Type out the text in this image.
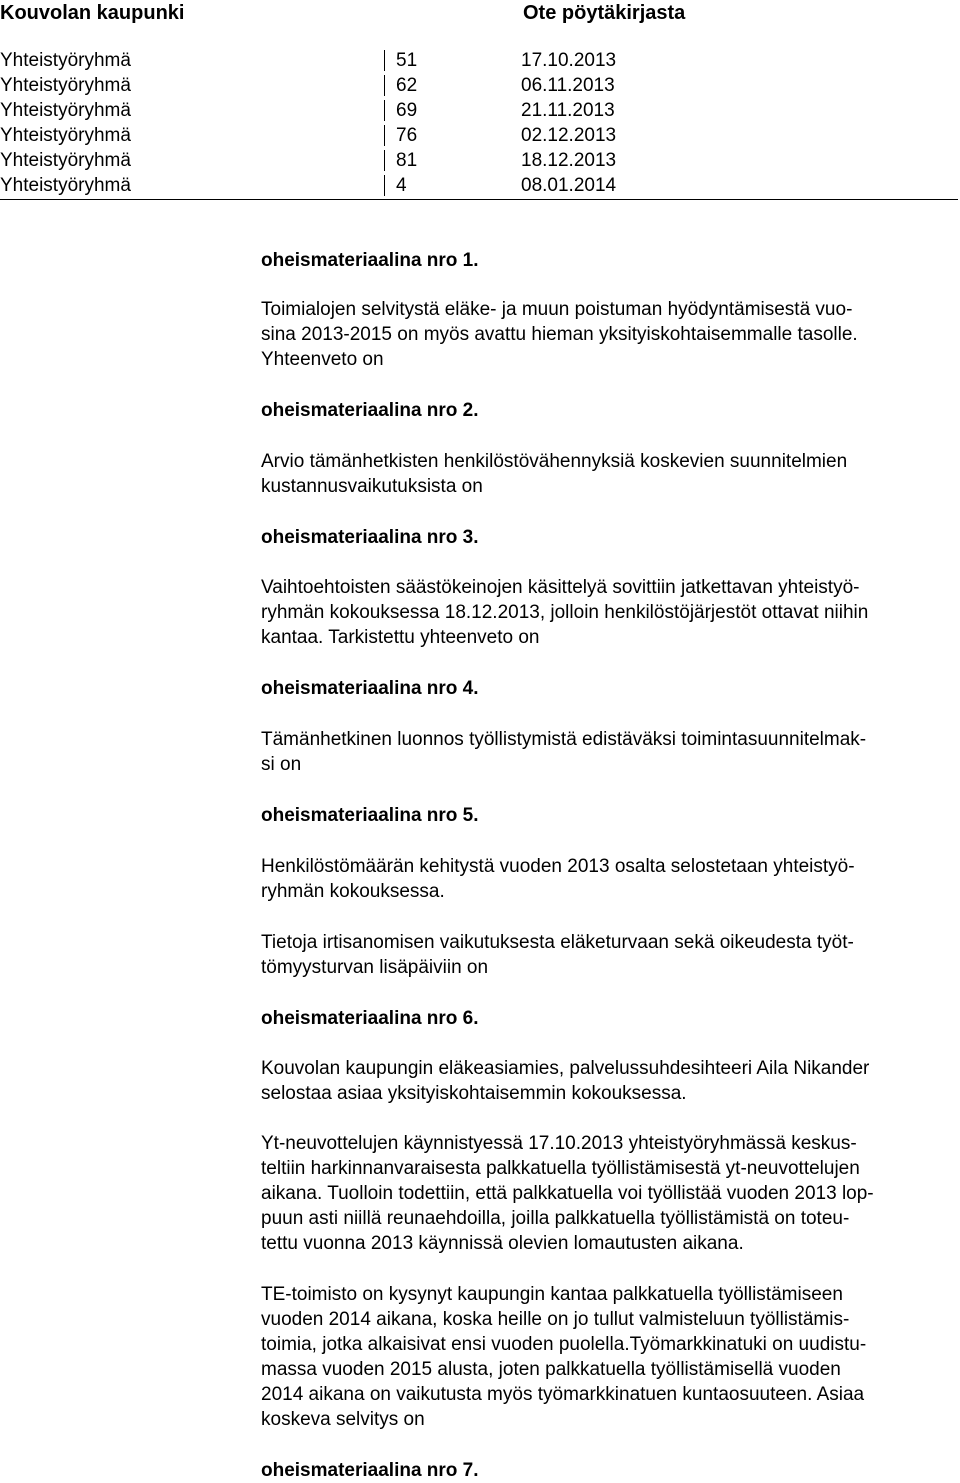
Kouvolan kaupunki	Ote pöytäkirjasta
Yhteistyöryhmä	51	17.10.2013
Yhteistyöryhmä	62	06.11.2013
Yhteistyöryhmä	69	21.11.2013
Yhteistyöryhmä	76	02.12.2013
Yhteistyöryhmä	81	18.12.2013
Yhteistyöryhmä	4	08.01.2014
oheismateriaalina nro 1.
Toimialojen selvitystä eläke- ja muun poistuman hyödyntämisestä vuo-
sina 2013-2015 on myös avattu hieman yksityiskohtaisemmalle tasolle.
Yhteenveto on
oheismateriaalina nro 2.
Arvio tämänhetkisten henkilöstövähennyksiä koskevien suunnitelmien
kustannusvaikutuksista on
oheismateriaalina nro 3.
Vaihtoehtoisten säästökeinojen käsittelyä sovittiin jatkettavan yhteistyö-
ryhmän kokouksessa 18.12.2013, jolloin henkilöstöjärjestöt ottavat niihin
kantaa. Tarkistettu yhteenveto on
oheismateriaalina nro 4.
Tämänhetkinen luonnos työllistymistä edistäväksi toimintasuunnitelmak-
si on
oheismateriaalina nro 5.
Henkilöstömäärän kehitystä vuoden 2013 osalta selostetaan yhteistyö-
ryhmän kokouksessa.
Tietoja irtisanomisen vaikutuksesta eläketurvaan sekä oikeudesta työt-
tömyysturvan lisäpäiviin on
oheismateriaalina nro 6.
Kouvolan kaupungin eläkeasiamies, palvelussuhdesihteeri Aila Nikander
selostaa asiaa yksityiskohtaisemmin kokouksessa.
Yt-neuvottelujen käynnistyessä 17.10.2013 yhteistyöryhmässä keskus-
teltiin harkinnanvaraisesta palkkatuella työllistämisestä yt-neuvottelujen
aikana. Tuolloin todettiin, että palkkatuella voi työllistää vuoden 2013 lop-
puun asti niillä reunaehdoilla, joilla palkkatuella työllistämistä on toteu-
tettu vuonna 2013 käynnissä olevien lomautusten aikana.
TE-toimisto on kysynyt kaupungin kantaa palkkatuella työllistämiseen
vuoden 2014 aikana, koska heille on jo tullut valmisteluun työllistämis-
toimia, jotka alkaisivat ensi vuoden puolella.Työmarkkinatuki on uudistu-
massa vuoden 2015 alusta, joten palkkatuella työllistämisellä vuoden
2014 aikana on vaikutusta myös työmarkkinatuen kuntaosuuteen. Asiaa
koskeva selvitys on
oheismateriaalina nro 7.
